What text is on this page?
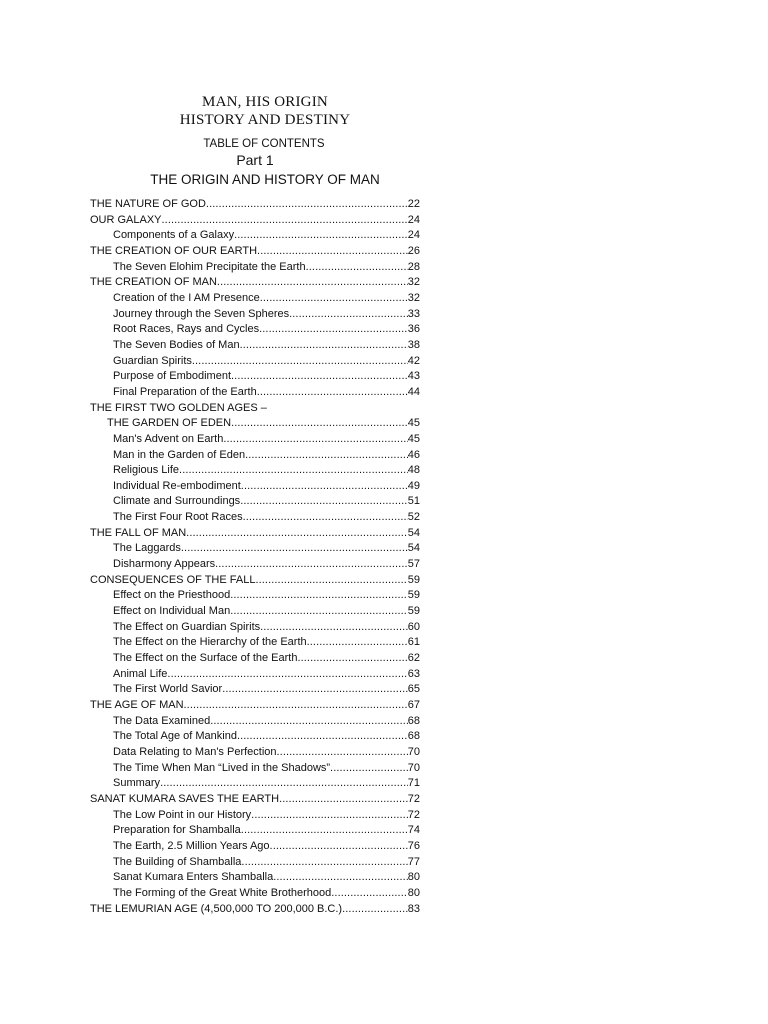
MAN, HIS ORIGIN
HISTORY AND DESTINY
TABLE OF CONTENTS
Part 1
THE ORIGIN AND HISTORY OF MAN
THE NATURE OF GOD .....	22
OUR GALAXY .....	24
Components of a Galaxy .....	24
THE CREATION OF OUR EARTH .....	26
The Seven Elohim Precipitate the Earth .....	28
THE CREATION OF MAN .....	32
Creation of the I AM Presence .....	32
Journey through the Seven Spheres .....	33
Root Races, Rays and Cycles .....	36
The Seven Bodies of Man .....	38
Guardian Spirits .....	42
Purpose of Embodiment .....	43
Final Preparation of the Earth .....	44
THE FIRST TWO GOLDEN AGES –
THE GARDEN OF EDEN .....	45
Man's Advent on Earth .....	45
Man in the Garden of Eden .....	46
Religious Life .....	48
Individual Re-embodiment .....	49
Climate and Surroundings .....	51
The First Four Root Races .....	52
THE FALL OF MAN .....	54
The Laggards .....	54
Disharmony Appears .....	57
CONSEQUENCES OF THE FALL .....	59
Effect on the Priesthood .....	59
Effect on Individual Man .....	59
The Effect on Guardian Spirits .....	60
The Effect on the Hierarchy of the Earth .....	61
The Effect on the Surface of the Earth .....	62
Animal Life .....	63
The First World Savior .....	65
THE AGE OF MAN .....	67
The Data Examined .....	68
The Total Age of Mankind .....	68
Data Relating to Man's Perfection .....	70
The Time When Man “Lived in the Shadows” .....	70
Summary .....	71
SANAT KUMARA SAVES THE EARTH .....	72
The Low Point in our History .....	72
Preparation for Shamballa .....	74
The Earth, 2.5 Million Years Ago .....	76
The Building of Shamballa .....	77
Sanat Kumara Enters Shamballa .....	80
The Forming of the Great White Brotherhood .....	80
THE LEMURIAN AGE (4,500,000 TO 200,000 B.C.) .....	83
